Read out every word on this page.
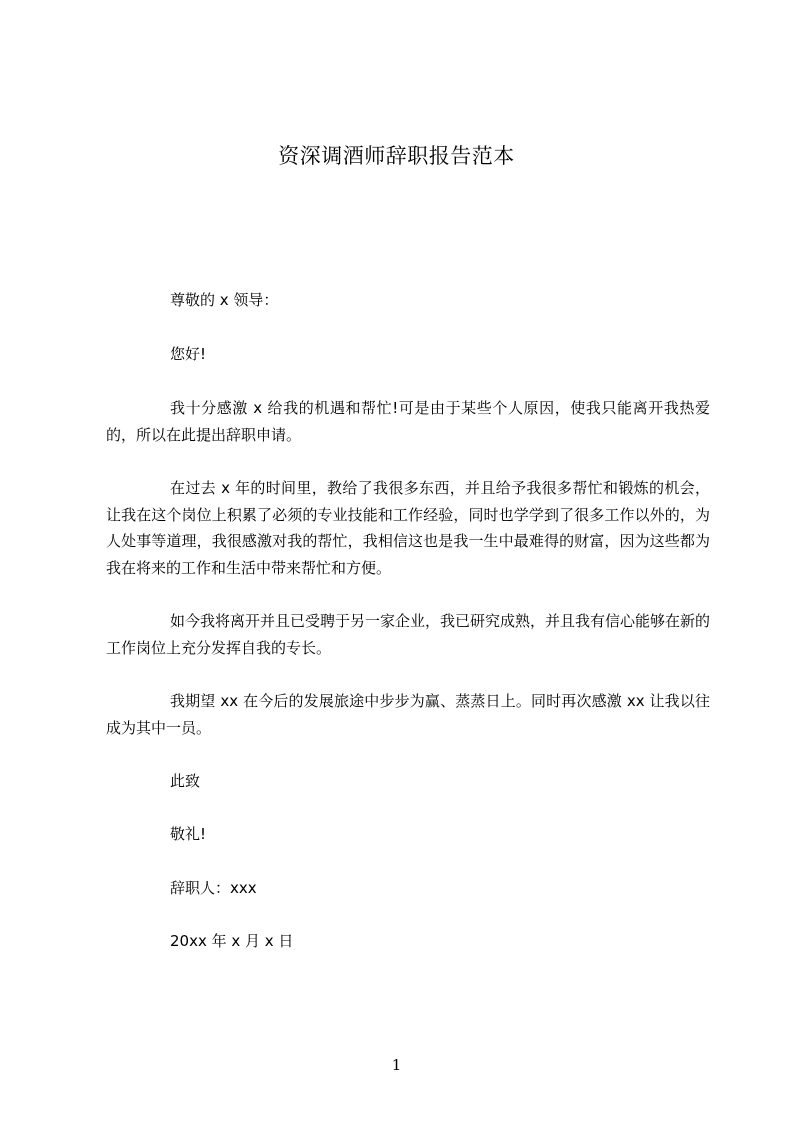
资深调酒师辞职报告范本
尊敬的 x 领导：
您好!
我十分感激 x 给我的机遇和帮忙!可是由于某些个人原因，使我只能离开我热爱的，所以在此提出辞职申请。
在过去 x 年的时间里，教给了我很多东西，并且给予我很多帮忙和锻炼的机会，让我在这个岗位上积累了必须的专业技能和工作经验，同时也学学到了很多工作以外的，为人处事等道理，我很感激对我的帮忙，我相信这也是我一生中最难得的财富，因为这些都为我在将来的工作和生活中带来帮忙和方便。
如今我将离开并且已受聘于另一家企业，我已研究成熟，并且我有信心能够在新的工作岗位上充分发挥自我的专长。
我期望 xx 在今后的发展旅途中步步为赢、蒸蒸日上。同时再次感激 xx 让我以往成为其中一员。
此致
敬礼!
辞职人：xxx
20xx 年 x 月 x 日
1
